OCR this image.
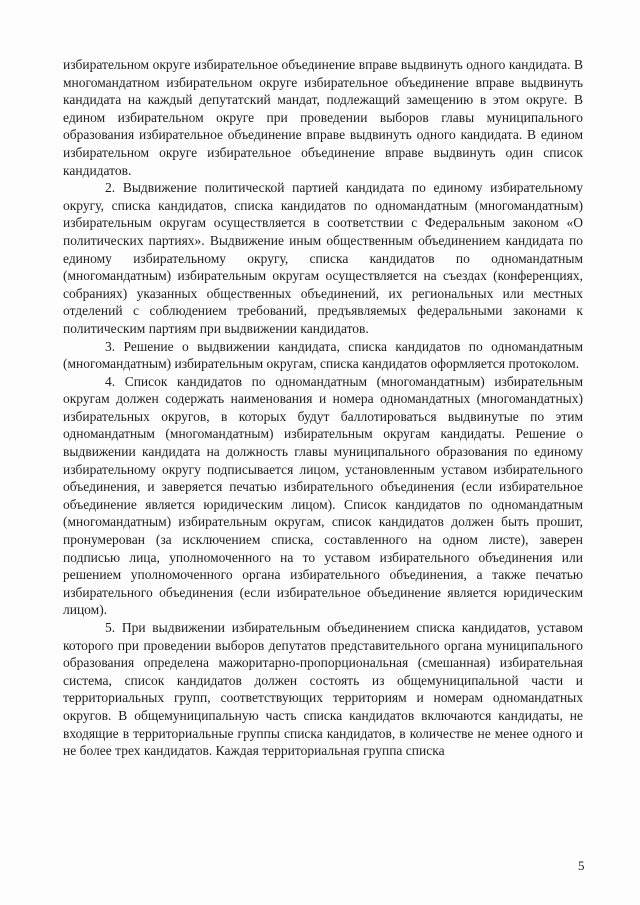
избирательном округе избирательное объединение вправе выдвинуть одного кандидата. В многомандатном избирательном округе избирательное объединение вправе выдвинуть кандидата на каждый депутатский мандат, подлежащий замещению в этом округе. В едином избирательном округе при проведении выборов главы муниципального образования избирательное объединение вправе выдвинуть одного кандидата. В едином избирательном округе избирательное объединение вправе выдвинуть один список кандидатов.

2. Выдвижение политической партией кандидата по единому избирательному округу, списка кандидатов, списка кандидатов по одномандатным (многомандатным) избирательным округам осуществляется в соответствии с Федеральным законом «О политических партиях». Выдвижение иным общественным объединением кандидата по единому избирательному округу, списка кандидатов по одномандатным (многомандатным) избирательным округам осуществляется на съездах (конференциях, собраниях) указанных общественных объединений, их региональных или местных отделений с соблюдением требований, предъявляемых федеральными законами к политическим партиям при выдвижении кандидатов.

3. Решение о выдвижении кандидата, списка кандидатов по одномандатным (многомандатным) избирательным округам, списка кандидатов оформляется протоколом.

4. Список кандидатов по одномандатным (многомандатным) избирательным округам должен содержать наименования и номера одномандатных (многомандатных) избирательных округов, в которых будут баллотироваться выдвинутые по этим одномандатным (многомандатным) избирательным округам кандидаты. Решение о выдвижении кандидата на должность главы муниципального образования по единому избирательному округу подписывается лицом, установленным уставом избирательного объединения, и заверяется печатью избирательного объединения (если избирательное объединение является юридическим лицом). Список кандидатов по одномандатным (многомандатным) избирательным округам, список кандидатов должен быть прошит, пронумерован (за исключением списка, составленного на одном листе), заверен подписью лица, уполномоченного на то уставом избирательного объединения или решением уполномоченного органа избирательного объединения, а также печатью избирательного объединения (если избирательное объединение является юридическим лицом).

5. При выдвижении избирательным объединением списка кандидатов, уставом которого при проведении выборов депутатов представительного органа муниципального образования определена мажоритарно-пропорциональная (смешанная) избирательная система, список кандидатов должен состоять из общемуниципальной части и территориальных групп, соответствующих территориям и номерам одномандатных округов. В общемуниципальную часть списка кандидатов включаются кандидаты, не входящие в территориальные группы списка кандидатов, в количестве не менее одного и не более трех кандидатов. Каждая территориальная группа списка

5
